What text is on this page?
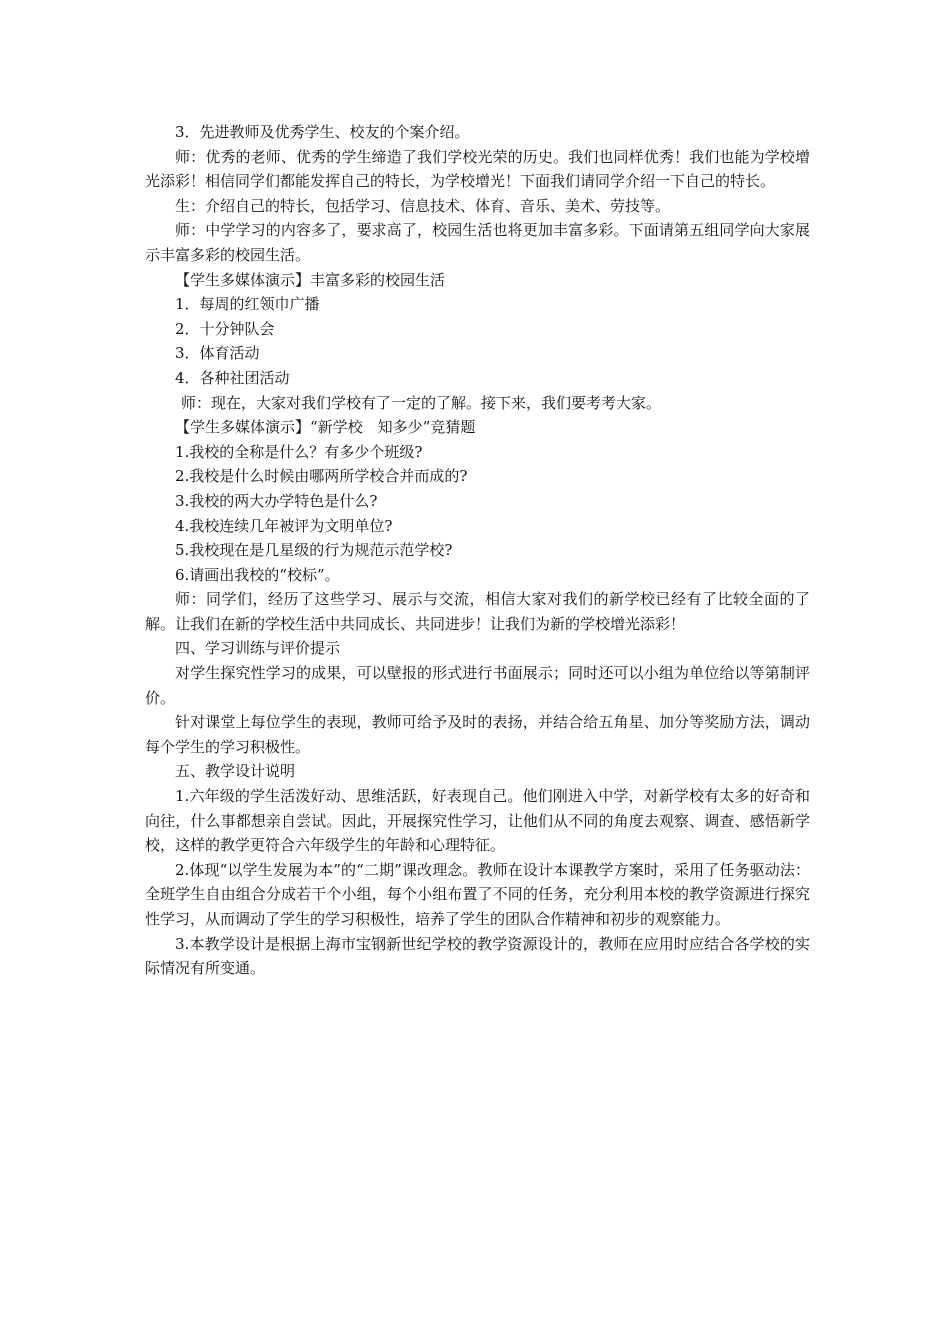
3．先进教师及优秀学生、校友的个案介绍。

师：优秀的老师、优秀的学生缔造了我们学校光荣的历史。我们也同样优秀！我们也能为学校增光添彩！相信同学们都能发挥自己的特长，为学校增光！下面我们请同学介绍一下自己的特长。

生：介绍自己的特长，包括学习、信息技术、体育、音乐、美术、劳技等。

师：中学学习的内容多了，要求高了，校园生活也将更加丰富多彩。下面请第五组同学向大家展示丰富多彩的校园生活。

【学生多媒体演示】丰富多彩的校园生活

1．每周的红领巾广播

2．十分钟队会

3．体育活动

4．各种社团活动

师：现在，大家对我们学校有了一定的了解。接下来，我们要考考大家。

【学生多媒体演示】“新学校　知多少”竞猜题

1.我校的全称是什么？有多少个班级?

2.我校是什么时候由哪两所学校合并而成的?

3.我校的两大办学特色是什么?

4.我校连续几年被评为文明单位?

5.我校现在是几星级的行为规范示范学校?

6.请画出我校的“校标”。

师：同学们，经历了这些学习、展示与交流，相信大家对我们的新学校已经有了比较全面的了解。让我们在新的学校生活中共同成长、共同进步！让我们为新的学校增光添彩！

四、学习训练与评价提示

对学生探究性学习的成果，可以壁报的形式进行书面展示；同时还可以小组为单位给以等第制评价。

针对课堂上每位学生的表现，教师可给予及时的表扬，并结合给五角星、加分等奖励方法，调动每个学生的学习积极性。

五、教学设计说明

1.六年级的学生活泼好动、思维活跃，好表现自己。他们刚进入中学，对新学校有太多的好奇和向往，什么事都想亲自尝试。因此，开展探究性学习，让他们从不同的角度去观察、调查、感悟新学校，这样的教学更符合六年级学生的年龄和心理特征。

2.体现“以学生发展为本”的“二期”课改理念。教师在设计本课教学方案时，采用了任务驱动法：全班学生自由组合分成若干个小组，每个小组布置了不同的任务，充分利用本校的教学资源进行探究性学习，从而调动了学生的学习积极性，培养了学生的团队合作精神和初步的观察能力。

3.本教学设计是根据上海市宝钢新世纪学校的教学资源设计的，教师在应用时应结合各学校的实际情况有所变通。
